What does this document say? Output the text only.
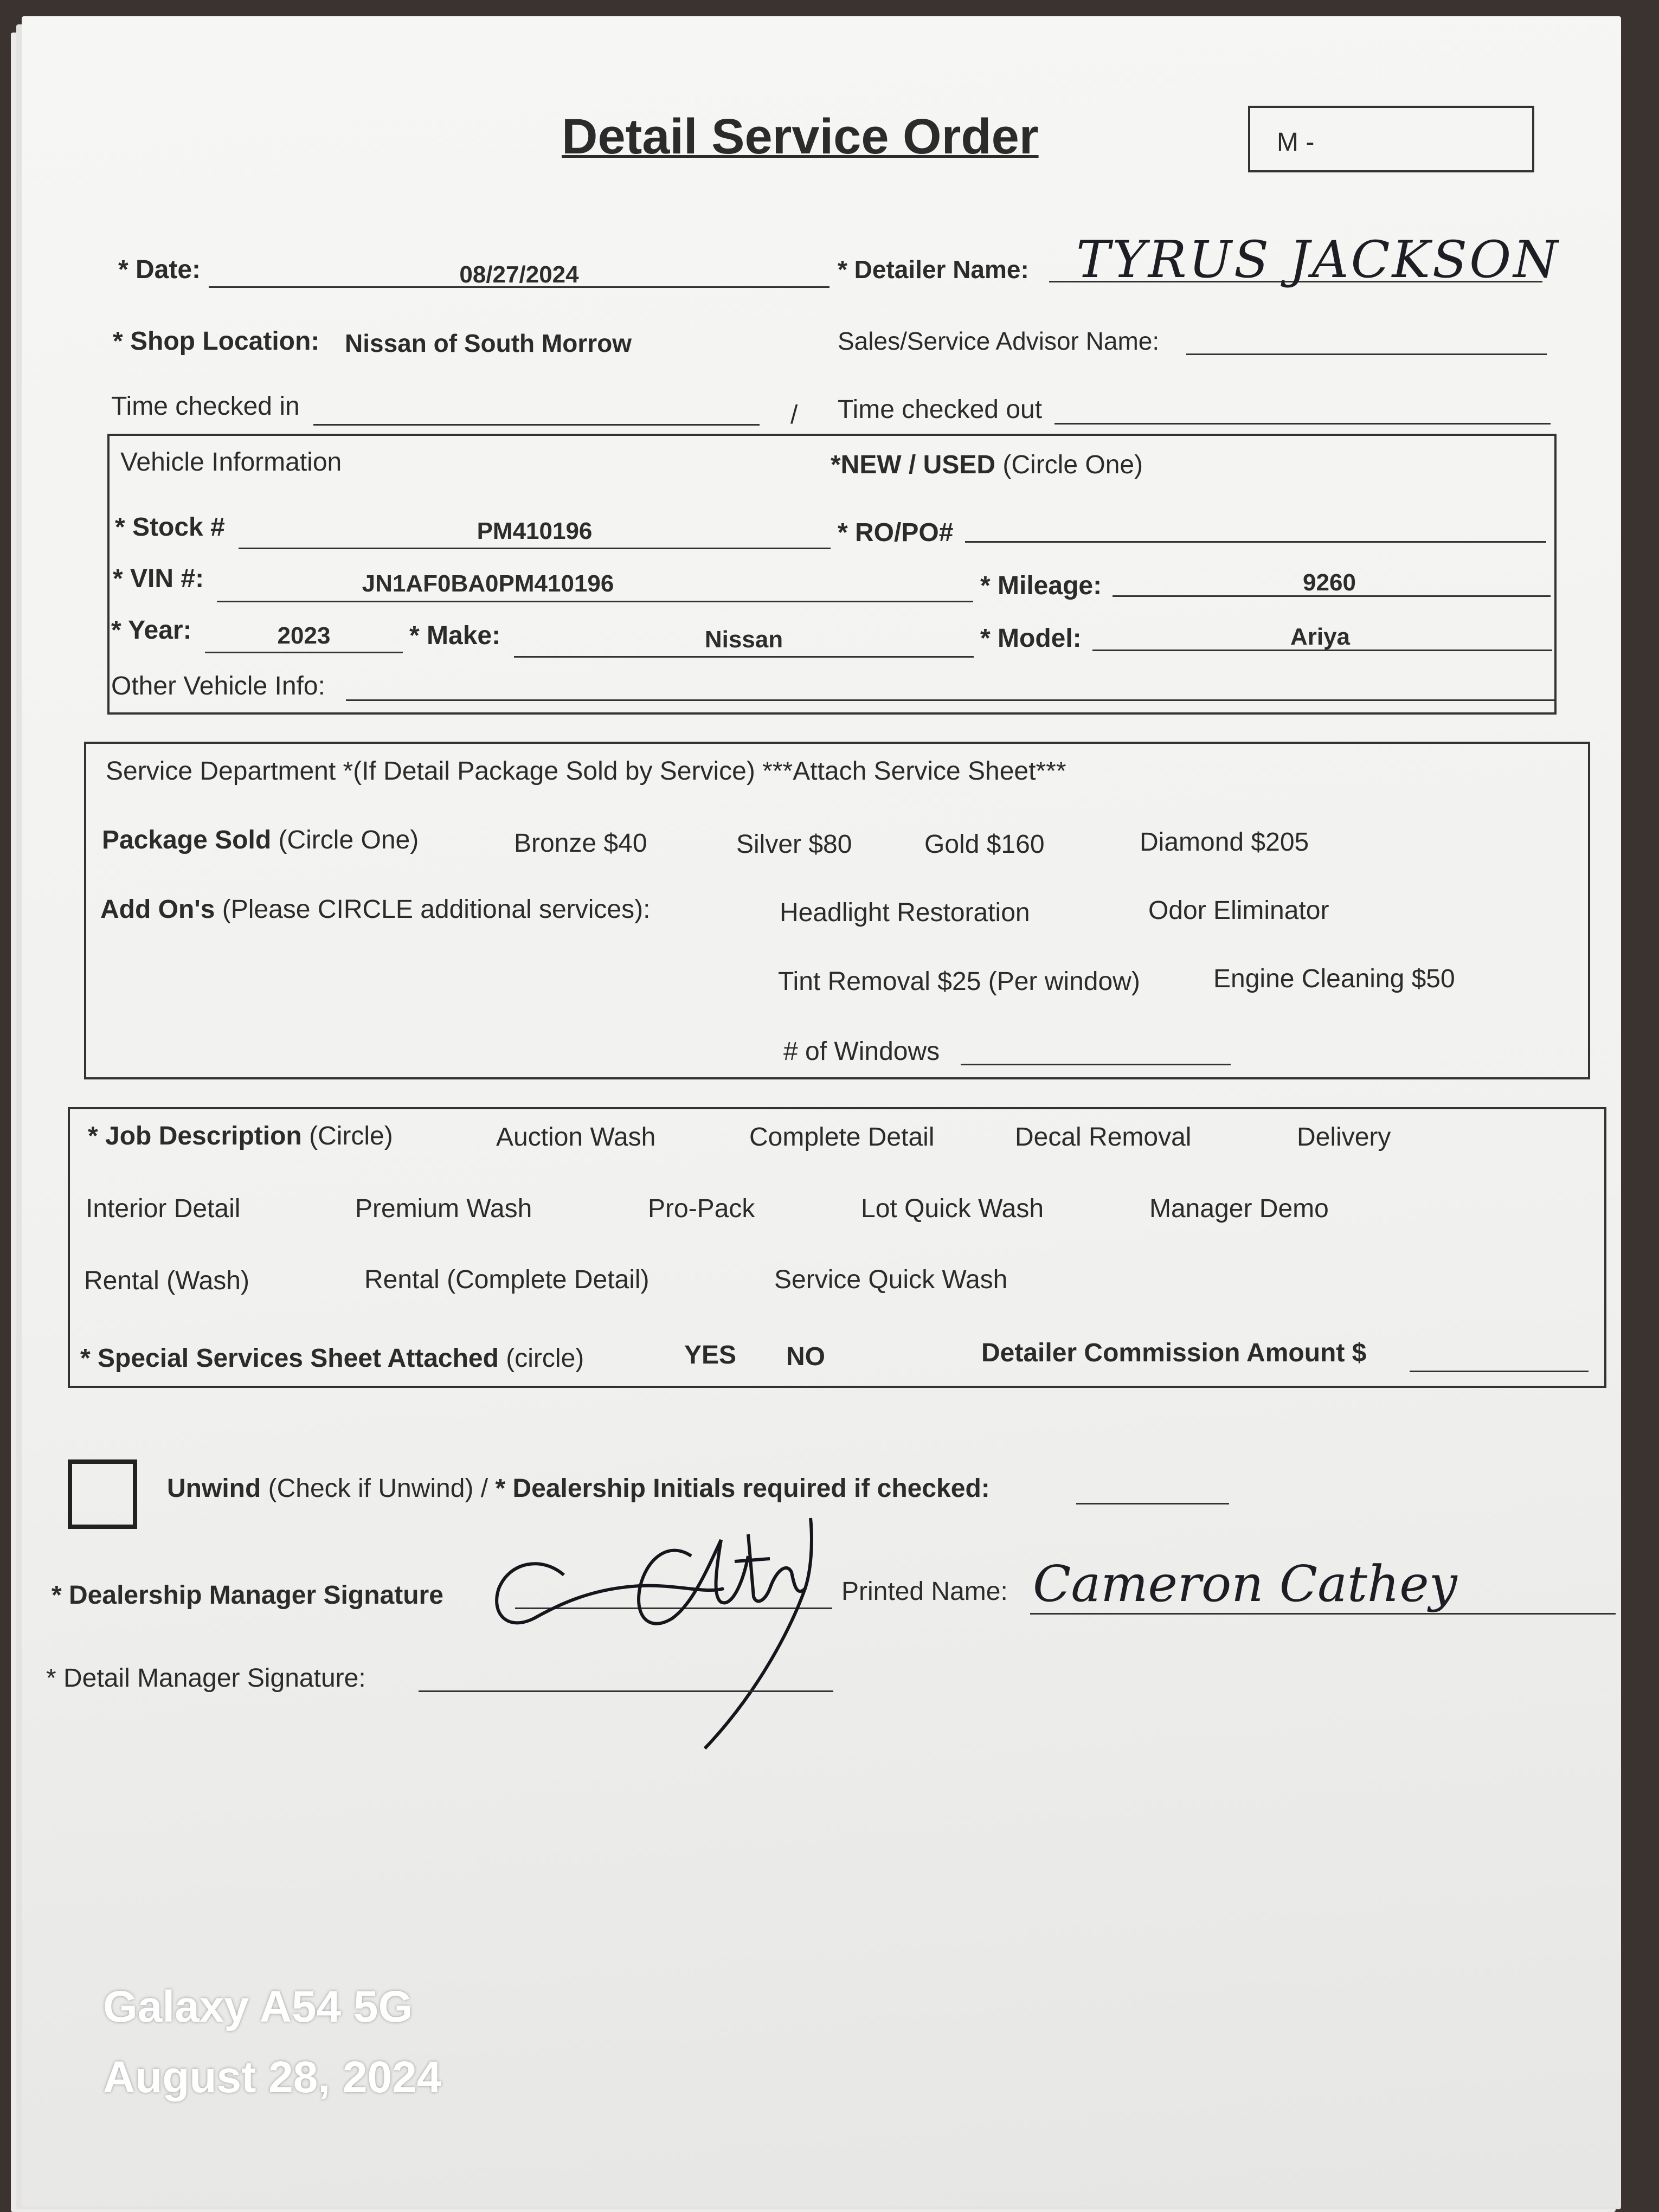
Detail Service Order	M -
* Date:	08/27/2024	* Detailer Name: TYRUS JACKSON
* Shop Location: Nissan of South Morrow	Sales/Service Advisor Name:
Time checked in	/ Time checked out
Vehicle Information	*NEW / USED (Circle One)
* Stock #	PM410196	* RO/PO#
* VIN #:	JN1AF0BA0PM410196	* Mileage:	9260
* Year:	2023	* Make:	Nissan	* Model:	Ariya
Other Vehicle Info:
Service Department *(If Detail Package Sold by Service) ***Attach Service Sheet***
Package Sold (Circle One)	Bronze $40	Silver $80	Gold $160	Diamond $205
Add On's (Please CIRCLE additional services):	Headlight Restoration	Odor Eliminator
Tint Removal $25 (Per window)	Engine Cleaning $50
# of Windows
* Job Description (Circle)	Auction Wash	Complete Detail	Decal Removal	Delivery
Interior Detail	Premium Wash	Pro-Pack	Lot Quick Wash	Manager Demo
Rental (Wash)	Rental (Complete Detail)	Service Quick Wash
* Special Services Sheet Attached (circle)	YES NO	Detailer Commission Amount $
Unwind (Check if Unwind) / * Dealership Initials required if checked:
* Dealership Manager Signature	Printed Name: Cameron Cathey
* Detail Manager Signature:
Galaxy A54 5G
August 28, 2024
